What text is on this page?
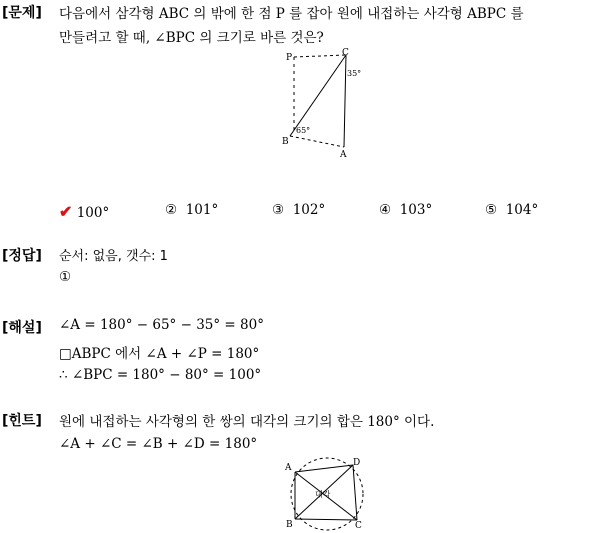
[문제] 다음에서 삼각형 ABC 의 밖에 한 점 P 를 잡아 원에 내접하는 사각형 ABPC 를
만들려고 할 때, ∠BPC 의 크기로 바른 것은?
P	C
B
A
35°
65°
✔ 100°	② 101°	③ 102°	④ 103°	⑤ 104°
[정답] 순서: 없음, 갯수: 1
①
[해설] ∠A = 180° − 65° − 35° = 80°
□ABPC 에서 ∠A + ∠P = 180°
∴ ∠BPC = 180° − 80° = 100°
[힌트] 원에 내접하는 사각형의 한 쌍의 대각의 크기의 합은 180° 이다.
∠A + ∠C = ∠B + ∠D = 180°
A	D
B	C
대각
